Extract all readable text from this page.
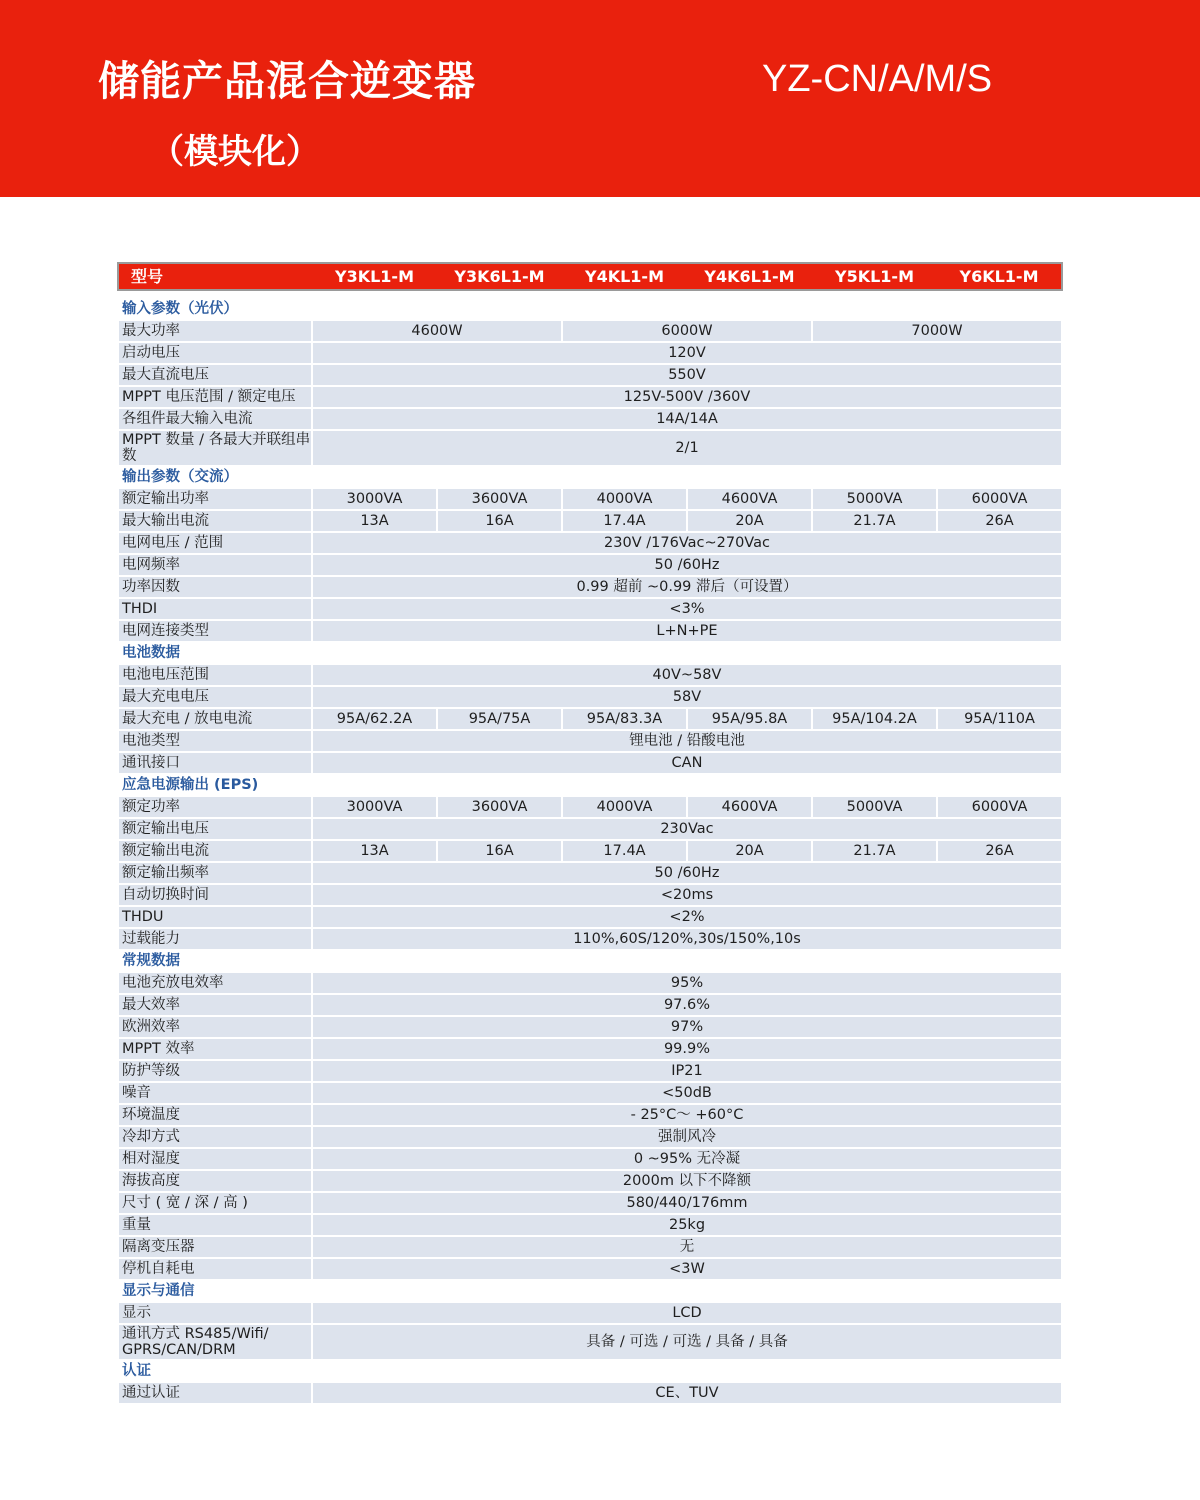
储能产品混合逆变器
（模块化）
YZ-CN/A/M/S
型号	Y3KL1-M	Y3K6L1-M	Y4KL1-M	Y4K6L1-M	Y5KL1-M	Y6KL1-M

输入参数（光伏）						
最大功率	4600W		6000W		7000W	
启动电压	120V					
最大直流电压	550V					
MPPT 电压范围 / 额定电压	125V-500V /360V					
各组件最大输入电流	14A/14A					
MPPT 数量 / 各最大并联组串数	2/1					
输出参数（交流）						
额定输出功率	3000VA	3600VA	4000VA	4600VA	5000VA	6000VA
最大输出电流	13A	16A	17.4A	20A	21.7A	26A
电网电压 / 范围	230V /176Vac~270Vac					
电网频率	50 /60Hz					
功率因数	0.99 超前 ~0.99 滞后（可设置）					
THDI	<3%					
电网连接类型	L+N+PE					
电池数据						
电池电压范围	40V~58V					
最大充电电压	58V					
最大充电 / 放电电流	95A/62.2A	95A/75A	95A/83.3A	95A/95.8A	95A/104.2A	95A/110A
电池类型	锂电池 / 铅酸电池					
通讯接口	CAN					
应急电源输出 (EPS)						
额定功率	3000VA	3600VA	4000VA	4600VA	5000VA	6000VA
额定输出电压	230Vac					
额定输出电流	13A	16A	17.4A	20A	21.7A	26A
额定输出频率	50 /60Hz					
自动切换时间	<20ms					
THDU	<2%					
过载能力	110%,60S/120%,30s/150%,10s					
常规数据						
电池充放电效率	95%					
最大效率	97.6%					
欧洲效率	97%					
MPPT 效率	99.9%					
防护等级	IP21					
噪音	<50dB					
环境温度	- 25°C～ +60°C					
冷却方式	强制风冷					
相对湿度	0 ~95% 无冷凝					
海拔高度	2000m 以下不降额					
尺寸 ( 宽 / 深 / 高 )	580/440/176mm					
重量	25kg					
隔离变压器	无					
停机自耗电	<3W					
显示与通信						
显示	LCD					
通讯方式 RS485/Wifi/ GPRS/CAN/DRM	具备 / 可选 / 可选 / 具备 / 具备					
认证						
通过认证	CE、TUV					
